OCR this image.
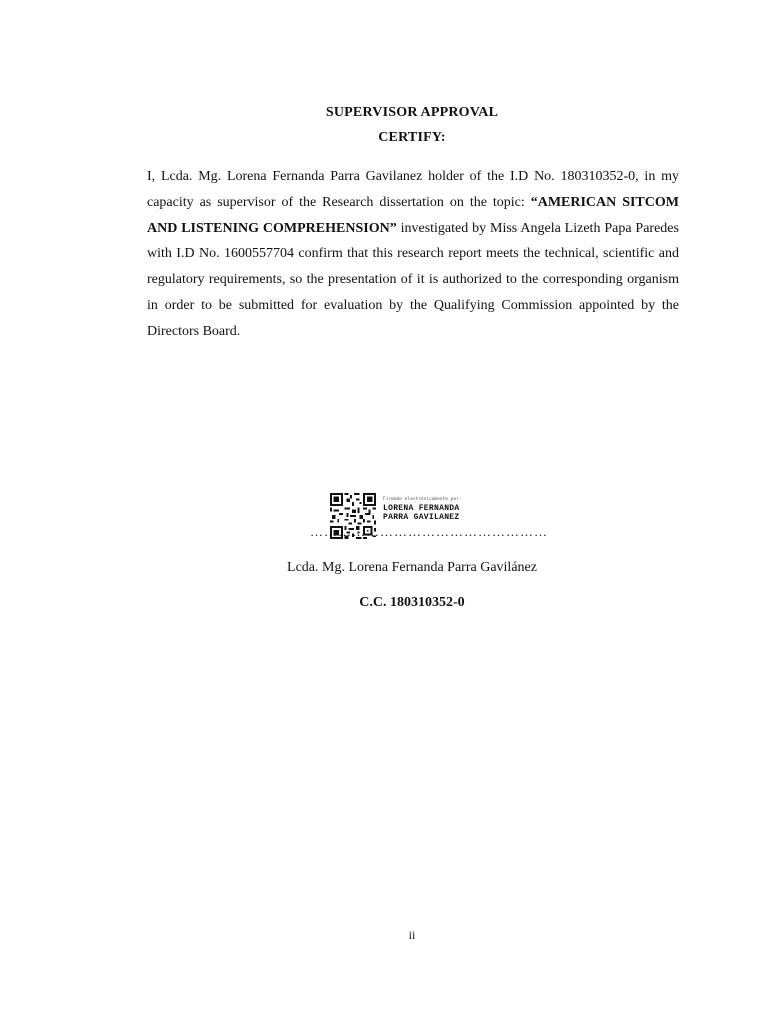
SUPERVISOR APPROVAL
CERTIFY:
I, Lcda. Mg. Lorena Fernanda Parra Gavilanez holder of the I.D No. 180310352-0, in my capacity as supervisor of the Research dissertation on the topic: “AMERICAN SITCOM AND LISTENING COMPREHENSION” investigated by Miss Angela Lizeth Papa Paredes with I.D No. 1600557704 confirm that this research report meets the technical, scientific and regulatory requirements, so the presentation of it is authorized to the corresponding organism in order to be submitted for evaluation by the Qualifying Commission appointed by the Directors Board.
Firmado electrónicamente por:
LORENA FERNANDA
PARRA GAVILANEZ
……………………………………………
Lcda. Mg. Lorena Fernanda Parra Gavilánez
C.C. 180310352-0
ii
